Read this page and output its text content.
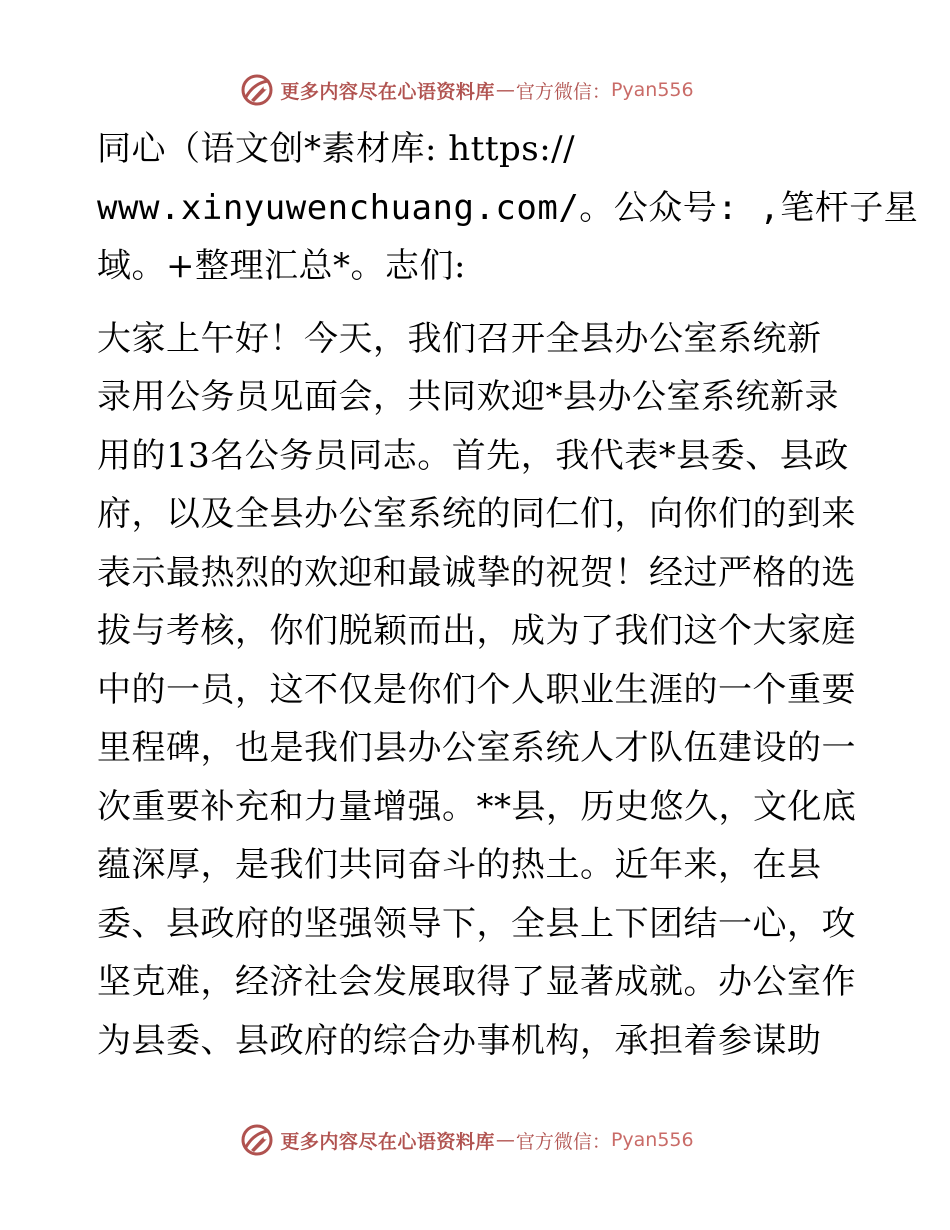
更多内容尽在心语资料库 — 官方微信： Pyan556
同心（语文创*素材库: https://
www.xinyuwenchuang.com/。公众号: ,笔杆子星
域。+整理汇总*。志们:
大家上午好！今天，我们召开全县办公室系统新
录用公务员见面会，共同欢迎*县办公室系统新录
用的13名公务员同志。首先，我代表*县委、县政
府，以及全县办公室系统的同仁们，向你们的到来
表示最热烈的欢迎和最诚挚的祝贺！经过严格的选
拔与考核，你们脱颖而出，成为了我们这个大家庭
中的一员，这不仅是你们个人职业生涯的一个重要
里程碑，也是我们县办公室系统人才队伍建设的一
次重要补充和力量增强。**县，历史悠久，文化底
蕴深厚，是我们共同奋斗的热土。近年来，在县
委、县政府的坚强领导下，全县上下团结一心，攻
坚克难，经济社会发展取得了显著成就。办公室作
为县委、县政府的综合办事机构，承担着参谋助
更多内容尽在心语资料库 — 官方微信： Pyan556
